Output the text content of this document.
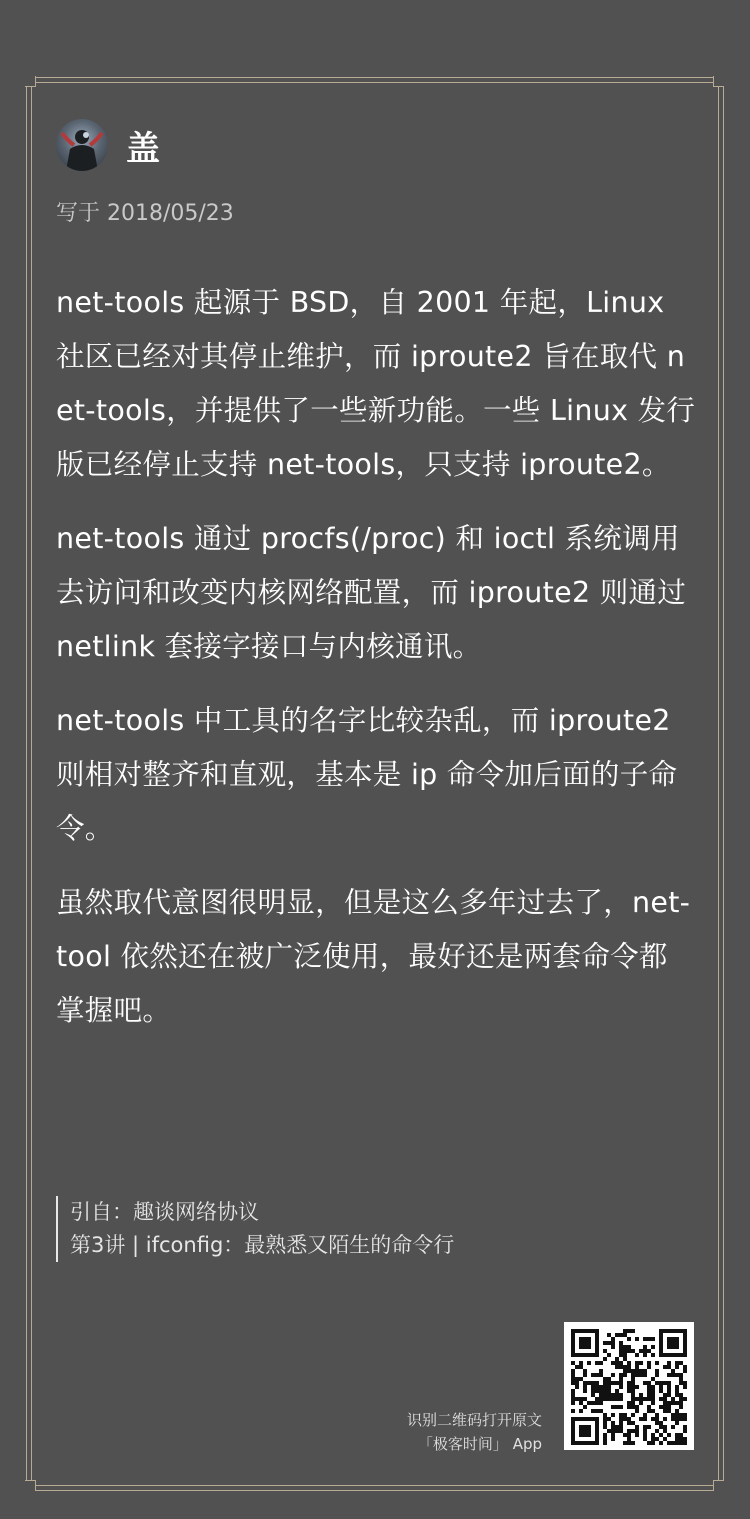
盖
写于 2018/05/23

net-tools 起源于 BSD，自 2001 年起，Linux 社区已经对其停止维护，而 iproute2 旨在取代 net-tools，并提供了一些新功能。一些 Linux 发行版已经停止支持 net-tools，只支持 iproute2。

net-tools 通过 procfs(/proc) 和 ioctl 系统调用去访问和改变内核网络配置，而 iproute2 则通过 netlink 套接字接口与内核通讯。

net-tools 中工具的名字比较杂乱，而 iproute2 则相对整齐和直观，基本是 ip 命令加后面的子命令。

虽然取代意图很明显，但是这么多年过去了，net-tool 依然还在被广泛使用，最好还是两套命令都掌握吧。

引自：趣谈网络协议
第3讲 | ifconfig：最熟悉又陌生的命令行
识别二维码打开原文
「极客时间」 App
